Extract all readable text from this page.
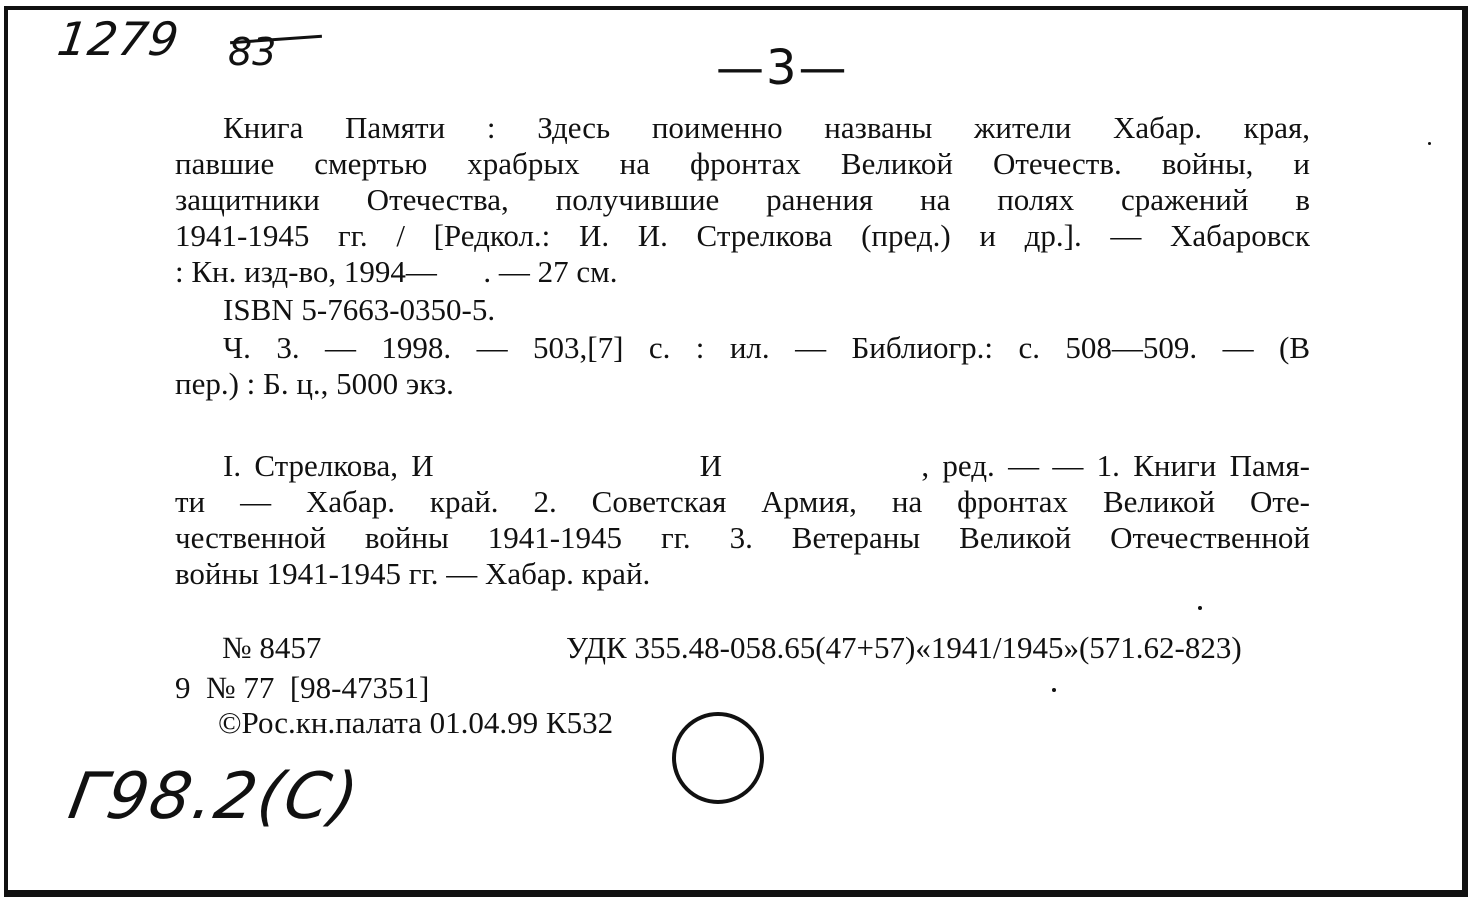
1279 83	—3—
Книга Памяти : Здесь поименно названы жители Хабар. края,
павшие смертью храбрых на фронтах Великой Отечеств. войны, и
защитники Отечества, получившие ранения на полях сражений в
1941-1945 гг. / [Редкол.: И. И. Стрелкова (пред.) и др.]. — Хабаровск
: Кн. изд-во, 1994—      . — 27 см.
ISBN 5-7663-0350-5.
Ч. 3. — 1998. — 503,[7] с. : ил. — Библиогр.: с. 508—509. — (В
пер.) : Б. ц., 5000 экз.
I. Стрелкова, И                    И               , ред. — — 1. Книги Памя-
ти — Хабар. край. 2. Советская Армия, на фронтах Великой Оте-
чественной войны 1941-1945 гг. 3. Ветераны Великой Отечественной
войны 1941-1945 гг. — Хабар. край.
№ 8457	УДК 355.48-058.65(47+57)«1941/1945»(571.62-823)
9  № 77  [98-47351]
©Рос.кн.палата 01.04.99 К532
Г98.2(С)
